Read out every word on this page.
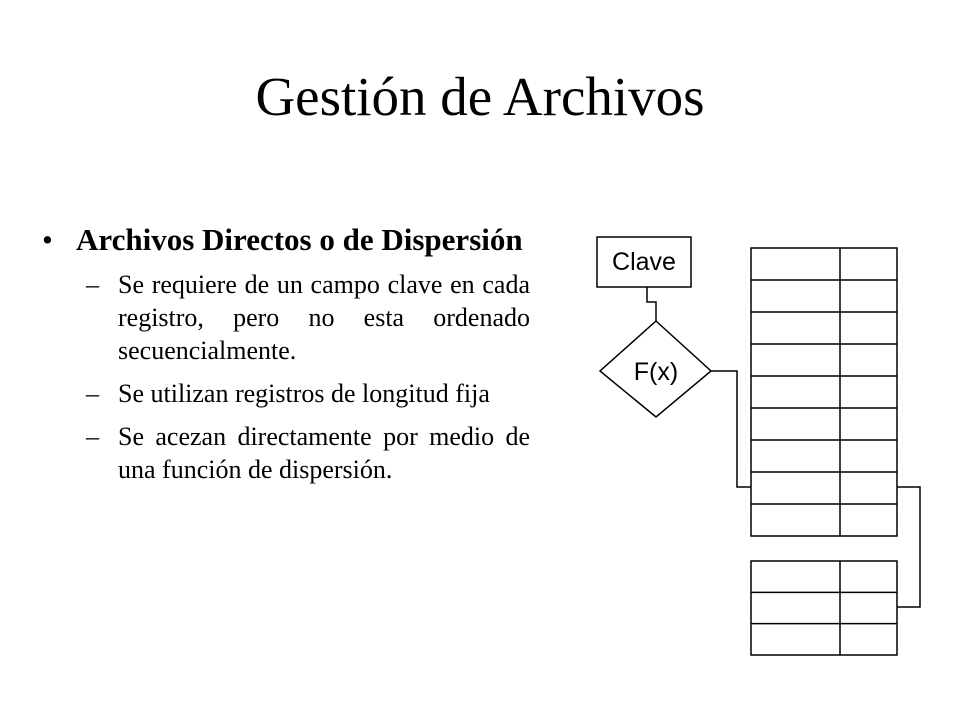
Gestión de Archivos
• Archivos Directos o de Dispersión
– Se requiere de un campo clave en cada registro, pero no esta ordenado secuencialmente.
– Se utilizan registros de longitud fija
– Se acezan directamente por medio de una función de dispersión.
Clave
F(x)
